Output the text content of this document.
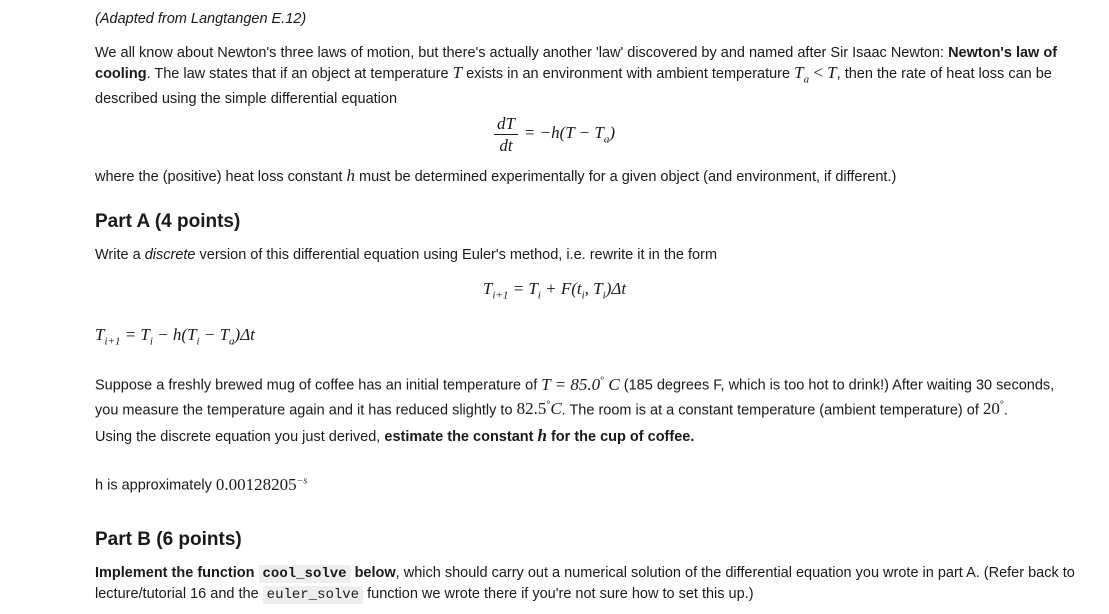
(Adapted from Langtangen E.12)
We all know about Newton's three laws of motion, but there's actually another 'law' discovered by and named after Sir Isaac Newton: Newton's law of cooling. The law states that if an object at temperature T exists in an environment with ambient temperature $T_a < T$, then the rate of heat loss can be described using the simple differential equation
$\frac{dT}{dt} = -h(T - T_a)$
where the (positive) heat loss constant h must be determined experimentally for a given object (and environment, if different.)
Part A (4 points)
Write a discrete version of this differential equation using Euler's method, i.e. rewrite it in the form
$T_{i+1} = T_i + F(t_i$, $T_i)\Delta t$
$T_{i+1} = T_i - h(T_i - T_a)\Delta t$
Suppose a freshly brewed mug of coffee has an initial temperature of T = 85.0° C (185 degrees F, which is too hot to drink!) After waiting 30 seconds, you measure the temperature again and it has reduced slightly to 82.5°C. The room is at a constant temperature (ambient temperature) of 20°.
Using the discrete equation you just derived, estimate the constant h for the cup of coffee.
h is approximately $0.00128205^{-s}$
Part B (6 points)
Implement the function cool_solve below, which should carry out a numerical solution of the differential equation you wrote in part A. (Refer back to lecture/tutorial 16 and the euler_solve function we wrote there if you're not sure how to set this up.)
